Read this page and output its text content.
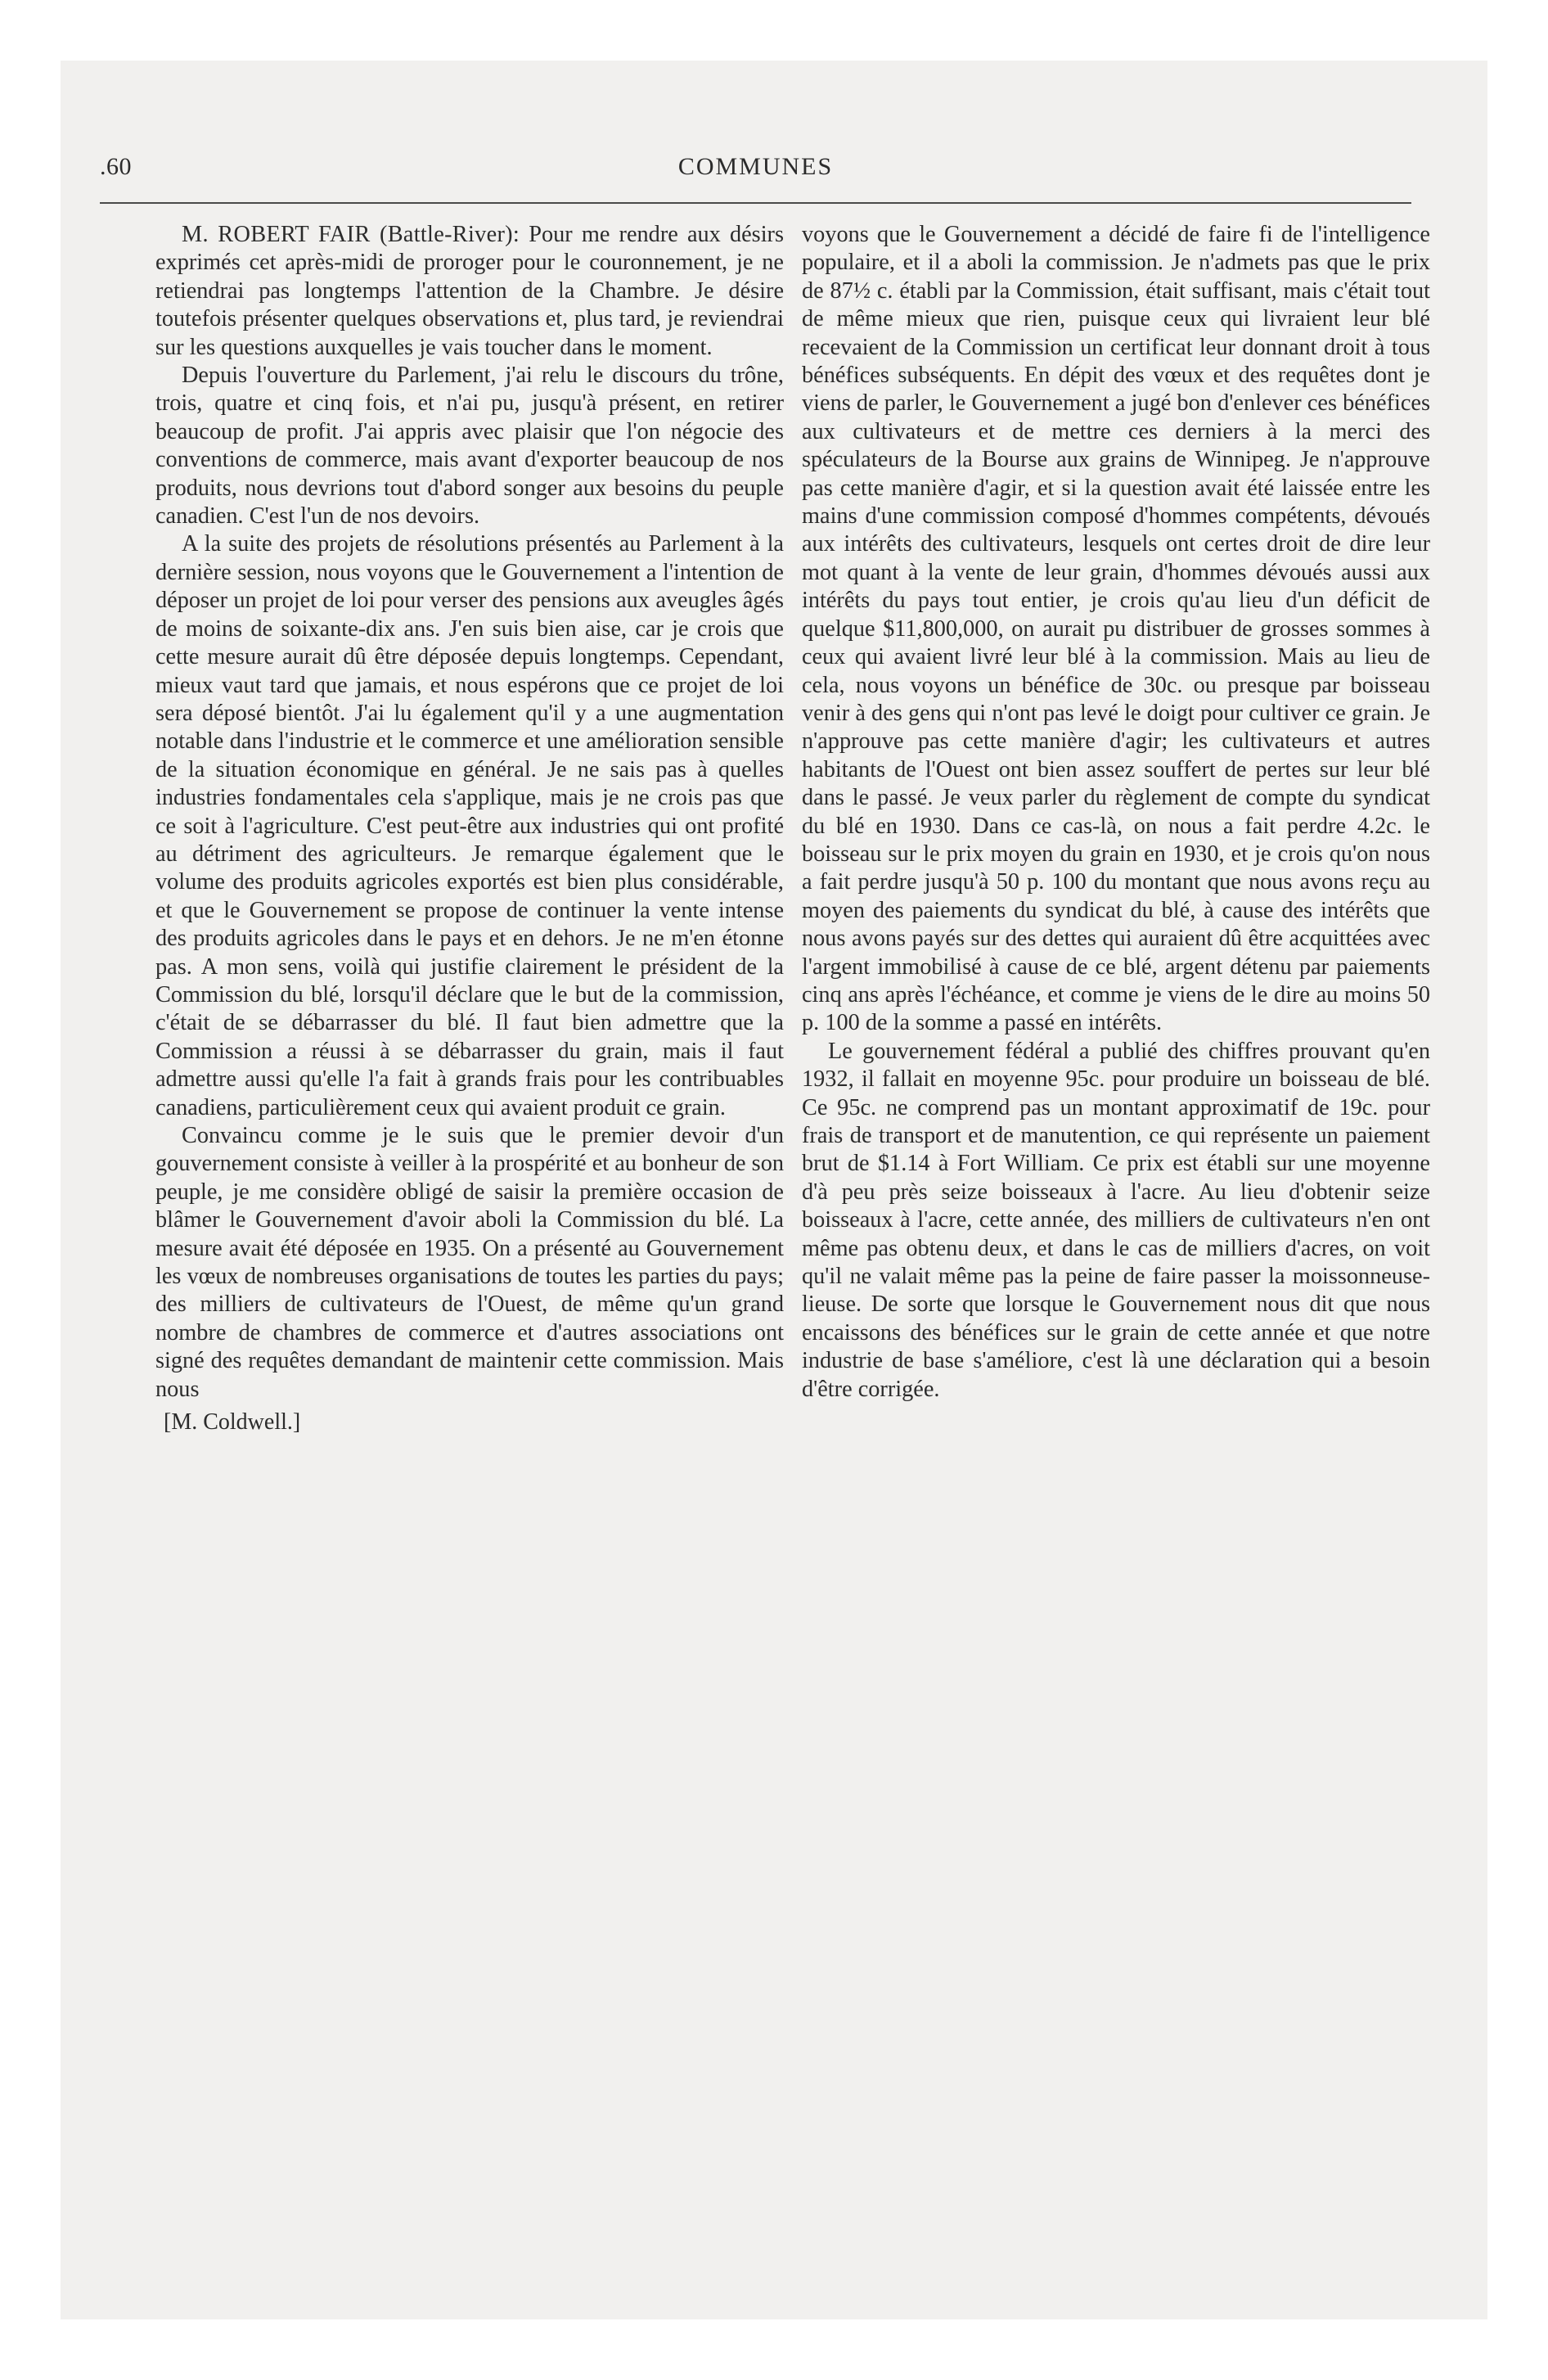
.60	COMMUNES

M. ROBERT FAIR (Battle-River): Pour me rendre aux désirs exprimés cet après-midi de proroger pour le couronnement, je ne retiendrai pas longtemps l'attention de la Chambre. Je désire toutefois présenter quelques observations et, plus tard, je reviendrai sur les questions auxquelles je vais toucher dans le moment.

Depuis l'ouverture du Parlement, j'ai relu le discours du trône, trois, quatre et cinq fois, et n'ai pu, jusqu'à présent, en retirer beaucoup de profit. J'ai appris avec plaisir que l'on négocie des conventions de commerce, mais avant d'exporter beaucoup de nos produits, nous devrions tout d'abord songer aux besoins du peuple canadien. C'est l'un de nos devoirs.

A la suite des projets de résolutions présentés au Parlement à la dernière session, nous voyons que le Gouvernement a l'intention de déposer un projet de loi pour verser des pensions aux aveugles âgés de moins de soixante-dix ans. J'en suis bien aise, car je crois que cette mesure aurait dû être déposée depuis longtemps. Cependant, mieux vaut tard que jamais, et nous espérons que ce projet de loi sera déposé bientôt. J'ai lu également qu'il y a une augmentation notable dans l'industrie et le commerce et une amélioration sensible de la situation économique en général. Je ne sais pas à quelles industries fondamentales cela s'applique, mais je ne crois pas que ce soit à l'agriculture. C'est peut-être aux industries qui ont profité au détriment des agriculteurs. Je remarque également que le volume des produits agricoles exportés est bien plus considérable, et que le Gouvernement se propose de continuer la vente intense des produits agricoles dans le pays et en dehors. Je ne m'en étonne pas. A mon sens, voilà qui justifie clairement le président de la Commission du blé, lorsqu'il déclare que le but de la commission, c'était de se débarrasser du blé. Il faut bien admettre que la Commission a réussi à se débarrasser du grain, mais il faut admettre aussi qu'elle l'a fait à grands frais pour les contribuables canadiens, particulièrement ceux qui avaient produit ce grain.

Convaincu comme je le suis que le premier devoir d'un gouvernement consiste à veiller à la prospérité et au bonheur de son peuple, je me considère obligé de saisir la première occasion de blâmer le Gouvernement d'avoir aboli la Commission du blé. La mesure avait été déposée en 1935. On a présenté au Gouvernement les vœux de nombreuses organisations de toutes les parties du pays; des milliers de cultivateurs de l'Ouest, de même qu'un grand nombre de chambres de commerce et d'autres associations ont signé des requêtes demandant de maintenir cette commission. Mais nous

[M. Coldwell.]

voyons que le Gouvernement a décidé de faire fi de l'intelligence populaire, et il a aboli la commission. Je n'admets pas que le prix de 87½ c. établi par la Commission, était suffisant, mais c'était tout de même mieux que rien, puisque ceux qui livraient leur blé recevaient de la Commission un certificat leur donnant droit à tous bénéfices subséquents. En dépit des vœux et des requêtes dont je viens de parler, le Gouvernement a jugé bon d'enlever ces bénéfices aux cultivateurs et de mettre ces derniers à la merci des spéculateurs de la Bourse aux grains de Winnipeg. Je n'approuve pas cette manière d'agir, et si la question avait été laissée entre les mains d'une commission composé d'hommes compétents, dévoués aux intérêts des cultivateurs, lesquels ont certes droit de dire leur mot quant à la vente de leur grain, d'hommes dévoués aussi aux intérêts du pays tout entier, je crois qu'au lieu d'un déficit de quelque $11,800,000, on aurait pu distribuer de grosses sommes à ceux qui avaient livré leur blé à la commission. Mais au lieu de cela, nous voyons un bénéfice de 30c. ou presque par boisseau venir à des gens qui n'ont pas levé le doigt pour cultiver ce grain. Je n'approuve pas cette manière d'agir; les cultivateurs et autres habitants de l'Ouest ont bien assez souffert de pertes sur leur blé dans le passé. Je veux parler du règlement de compte du syndicat du blé en 1930. Dans ce cas-là, on nous a fait perdre 4.2c. le boisseau sur le prix moyen du grain en 1930, et je crois qu'on nous a fait perdre jusqu'à 50 p. 100 du montant que nous avons reçu au moyen des paiements du syndicat du blé, à cause des intérêts que nous avons payés sur des dettes qui auraient dû être acquittées avec l'argent immobilisé à cause de ce blé, argent détenu par paiements cinq ans après l'échéance, et comme je viens de le dire au moins 50 p. 100 de la somme a passé en intérêts.

Le gouvernement fédéral a publié des chiffres prouvant qu'en 1932, il fallait en moyenne 95c. pour produire un boisseau de blé. Ce 95c. ne comprend pas un montant approximatif de 19c. pour frais de transport et de manutention, ce qui représente un paiement brut de $1.14 à Fort William. Ce prix est établi sur une moyenne d'à peu près seize boisseaux à l'acre. Au lieu d'obtenir seize boisseaux à l'acre, cette année, des milliers de cultivateurs n'en ont même pas obtenu deux, et dans le cas de milliers d'acres, on voit qu'il ne valait même pas la peine de faire passer la moissonneuse-lieuse. De sorte que lorsque le Gouvernement nous dit que nous encaissons des bénéfices sur le grain de cette année et que notre industrie de base s'améliore, c'est là une déclaration qui a besoin d'être corrigée.
